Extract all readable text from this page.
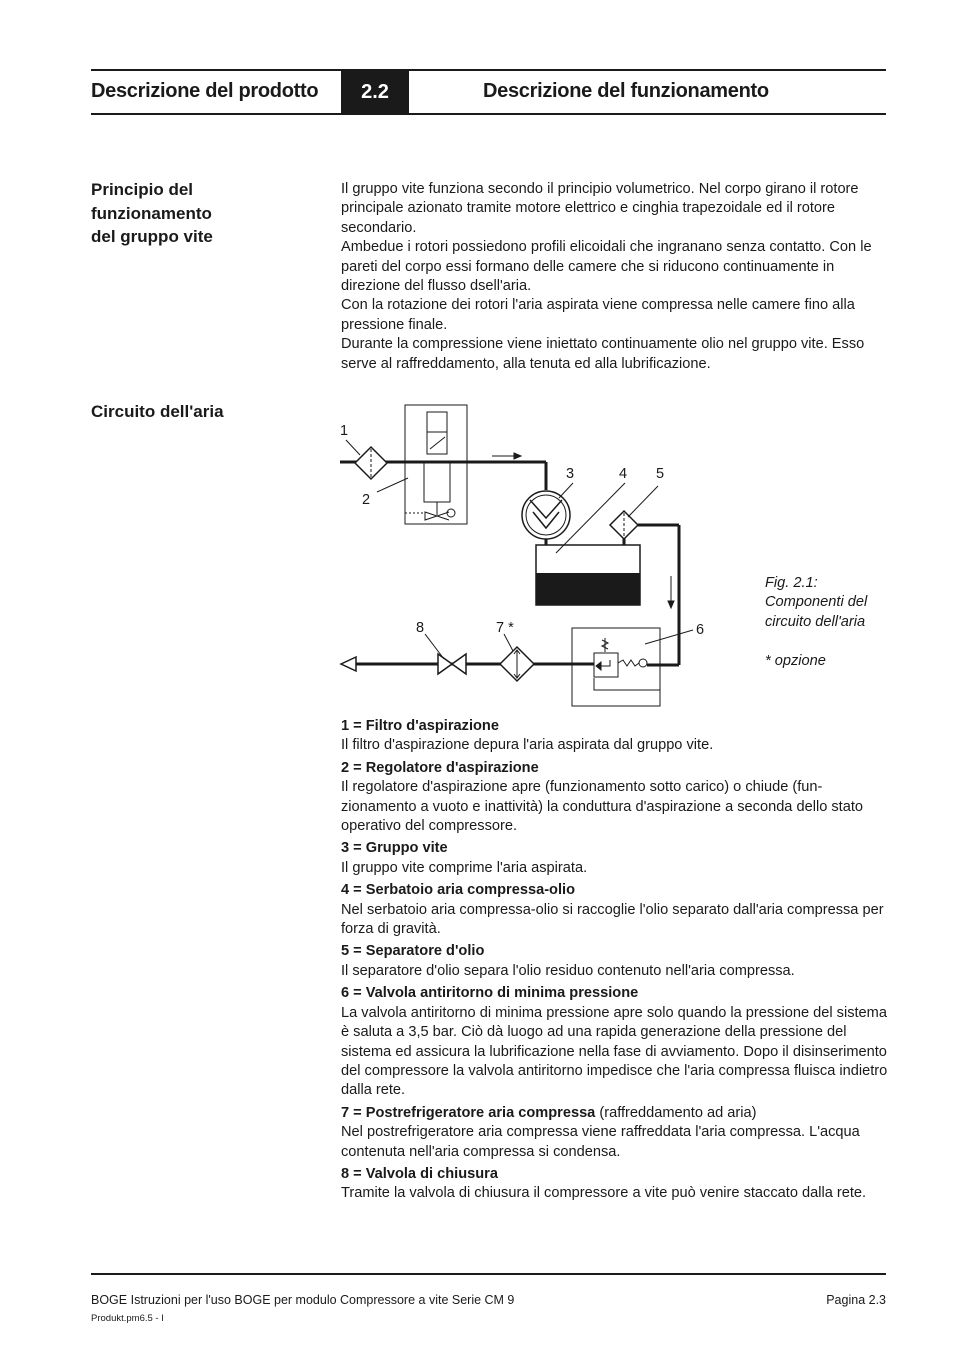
Descrizione del prodotto	2.2	Descrizione del funzionamento
Principio del
funzionamento
del gruppo vite

Il gruppo vite funziona secondo il principio volumetrico. Nel corpo girano il rotore principale azionato tramite motore elettrico e cinghia trapezoidale ed il rotore secondario.

Ambedue i rotori possiedono profili elicoidali che ingranano senza contatto. Con le pareti del corpo essi formano delle camere che si riducono continuamente in direzione del flusso dsell'aria.

Con la rotazione dei rotori l'aria aspirata viene compressa nelle camere fino alla pressione finale.

Durante la compressione viene iniettato continuamente olio nel gruppo vite. Esso serve al raffreddamento, alla tenuta ed alla lubrificazione.

Circuito dell'aria
1
2
3	4 5
6
7 *
8

Fig. 2.1:

Componenti del

circuito dell'aria

* opzione

1 = Filtro d'aspirazione
Il filtro d'aspirazione depura l'aria aspirata dal gruppo vite.
2 = Regolatore d'aspirazione
Il regolatore d'aspirazione apre (funzionamento sotto carico) o chiude (funzionamento a vuoto e inattività) la conduttura d'aspirazione a seconda dello stato operativo del compressore.
3 = Gruppo vite
Il gruppo vite comprime l'aria aspirata.
4 = Serbatoio aria compressa-olio
Nel serbatoio aria compressa-olio si raccoglie l'olio separato dall'aria compressa per forza di gravità.
5 = Separatore d'olio
Il separatore d'olio separa l'olio residuo contenuto nell'aria compressa.
6 = Valvola antiritorno di minima pressione
La valvola antiritorno di minima pressione apre solo quando la pressione del sistema è saluta a 3,5 bar. Ciò dà luogo ad una rapida generazione della pressione del sistema ed assicura la lubrificazione nella fase di avviamento. Dopo il disinserimento del compressore la valvola antiritorno impedisce che l'aria compressa fluisca indietro dalla rete.
7 = Postrefrigeratore aria compressa (raffreddamento ad aria)
Nel postrefrigeratore aria compressa viene raffreddata l'aria compressa. L'acqua contenuta nell'aria compressa si condensa.
8 = Valvola di chiusura
Tramite la valvola di chiusura il compressore a vite può venire staccato dalla rete.
BOGE Istruzioni per l'uso BOGE per modulo Compressore a vite Serie CM 9
Produkt.pm6.5 - I
Pagina 2.3
